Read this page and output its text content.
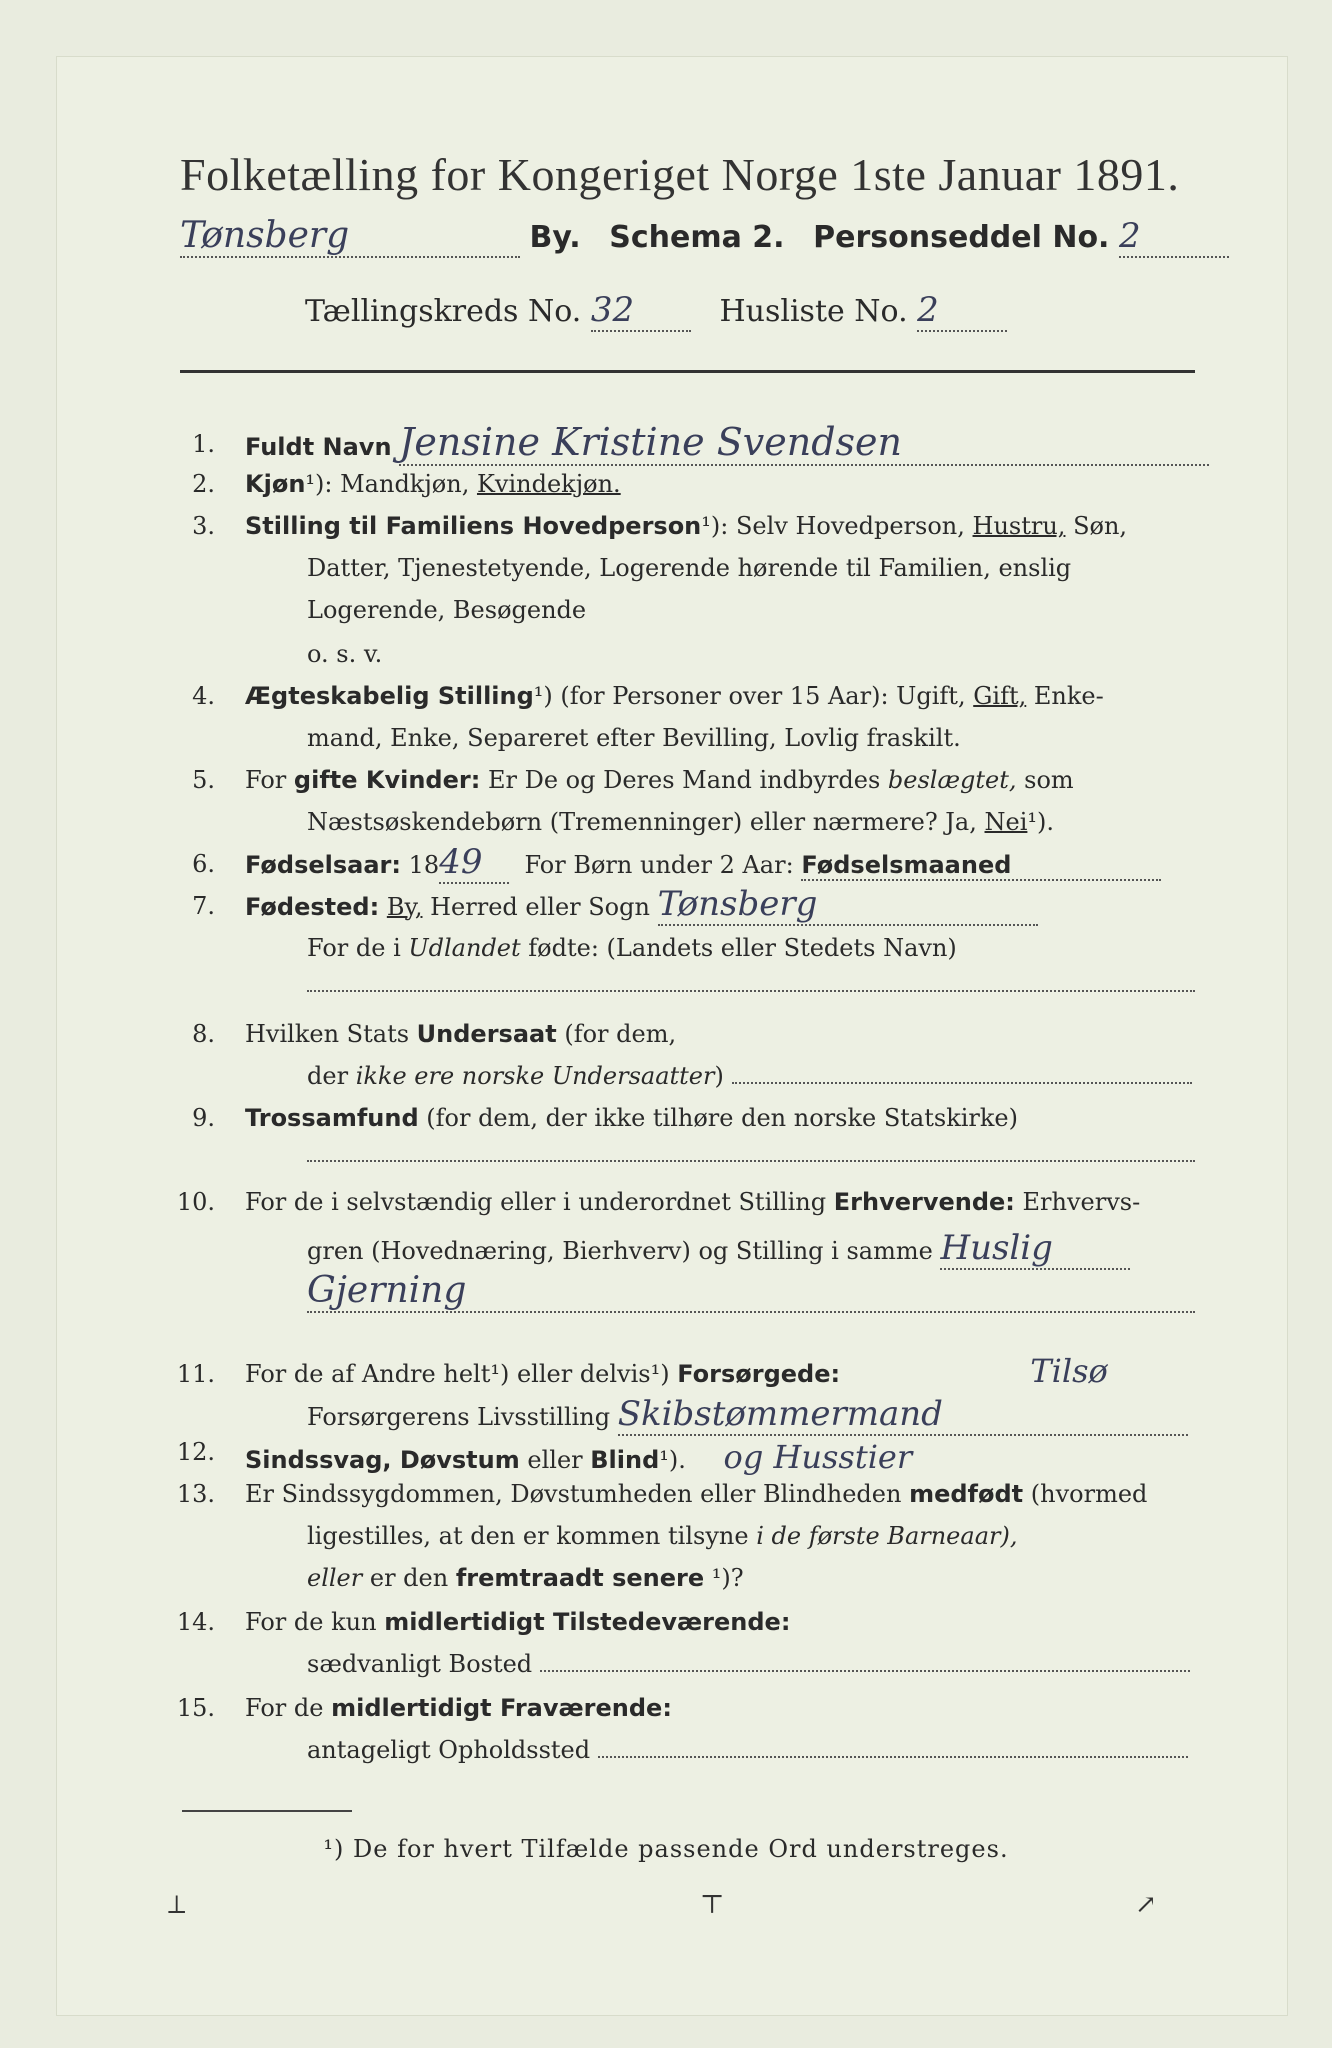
Folketælling for Kongeriget Norge 1ste Januar 1891.
Tønsberg	By. Schema 2. Personseddel No. 2
Tællingskreds No. 32	Husliste No. 2
1. Fuldt Navn Jensine Kristine Svendsen
2. Kjøn¹): Mandkjøn, Kvindekjøn.
3. Stilling til Familiens Hovedperson¹): Selv Hovedperson, Hustru, Søn,
Datter, Tjenestetyende, Logerende hørende til Familien, enslig
Logerende, Besøgende
o. s. v.
4. Ægteskabelig Stilling¹) (for Personer over 15 Aar): Ugift, Gift, Enke-
mand, Enke, Separeret efter Bevilling, Lovlig fraskilt.
5. For gifte Kvinder: Er De og Deres Mand indbyrdes beslægtet, som
Næstsøskendebørn (Tremenninger) eller nærmere? Ja, Nei¹).
6. Fødselsaar: 1849 For Børn under 2 Aar: Fødselsmaaned
7. Fødested: By, Herred eller Sogn Tønsberg
For de i Udlandet fødte: (Landets eller Stedets Navn)
8. Hvilken Stats Undersaat (for dem,
der ikke ere norske Undersaatter)
9. Trossamfund (for dem, der ikke tilhøre den norske Statskirke)
10. For de i selvstændig eller i underordnet Stilling Erhvervende: Erhvervs-
gren (Hovednæring, Bierhverv) og Stilling i samme Huslig
Gjerning
11. For de af Andre helt¹) eller delvis¹) Forsørgede:	Tilsø
Forsørgerens Livsstilling Skibstømmermand
12. Sindssvag, Døvstum eller Blind¹). og Husstier
13. Er Sindssygdommen, Døvstumheden eller Blindheden medfødt (hvormed
ligestilles, at den er kommen tilsyne i de første Barneaar),
eller er den fremtraadt senere ¹)?
14. For de kun midlertidigt Tilstedeværende:
sædvanligt Bosted
15. For de midlertidigt Fraværende:
antageligt Opholdssted
¹) De for hvert Tilfælde passende Ord understreges.
⟂	⊤	↗
